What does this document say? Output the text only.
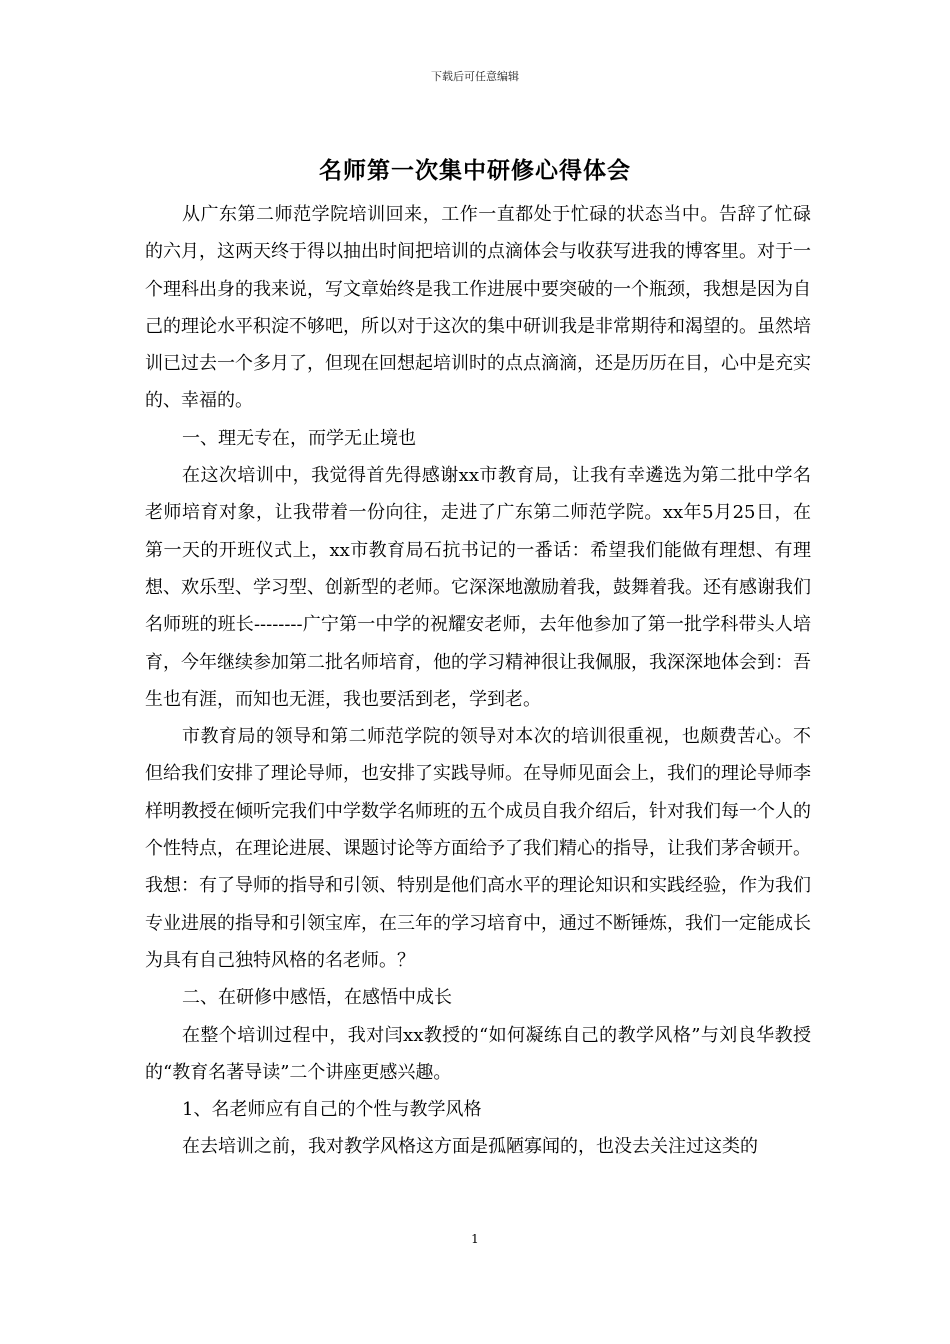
下载后可任意编辑
名师第一次集中研修心得体会

从广东第二师范学院培训回来，工作一直都处于忙碌的状态当中。告辞了忙碌的六月，这两天终于得以抽出时间把培训的点滴体会与收获写进我的博客里。对于一个理科出身的我来说，写文章始终是我工作进展中要突破的一个瓶颈，我想是因为自己的理论水平积淀不够吧，所以对于这次的集中研训我是非常期待和渴望的。虽然培训已过去一个多月了，但现在回想起培训时的点点滴滴，还是历历在目，心中是充实的、幸福的。

一、理无专在，而学无止境也

在这次培训中，我觉得首先得感谢xx市教育局，让我有幸遴选为第二批中学名老师培育对象，让我带着一份向往，走进了广东第二师范学院。xx年5月25日，在第一天的开班仪式上，xx市教育局石抗书记的一番话：希望我们能做有理想、有理想、欢乐型、学习型、创新型的老师。它深深地激励着我，鼓舞着我。还有感谢我们名师班的班长--------广宁第一中学的祝耀安老师，去年他参加了第一批学科带头人培育，今年继续参加第二批名师培育，他的学习精神很让我佩服，我深深地体会到：吾生也有涯，而知也无涯，我也要活到老，学到老。

市教育局的领导和第二师范学院的领导对本次的培训很重视，也颇费苦心。不但给我们安排了理论导师，也安排了实践导师。在导师见面会上，我们的理论导师李样明教授在倾听完我们中学数学名师班的五个成员自我介绍后，针对我们每一个人的个性特点，在理论进展、课题讨论等方面给予了我们精心的指导，让我们茅舍顿开。我想：有了导师的指导和引领、特别是他们高水平的理论知识和实践经验，作为我们专业进展的指导和引领宝库，在三年的学习培育中，通过不断锤炼，我们一定能成长为具有自己独特风格的名老师。？

二、在研修中感悟，在感悟中成长

在整个培训过程中，我对闫xx教授的“如何凝练自己的教学风格”与刘良华教授的“教育名著导读”二个讲座更感兴趣。

1、名老师应有自己的个性与教学风格

在去培训之前，我对教学风格这方面是孤陋寡闻的，也没去关注过这类的

1
